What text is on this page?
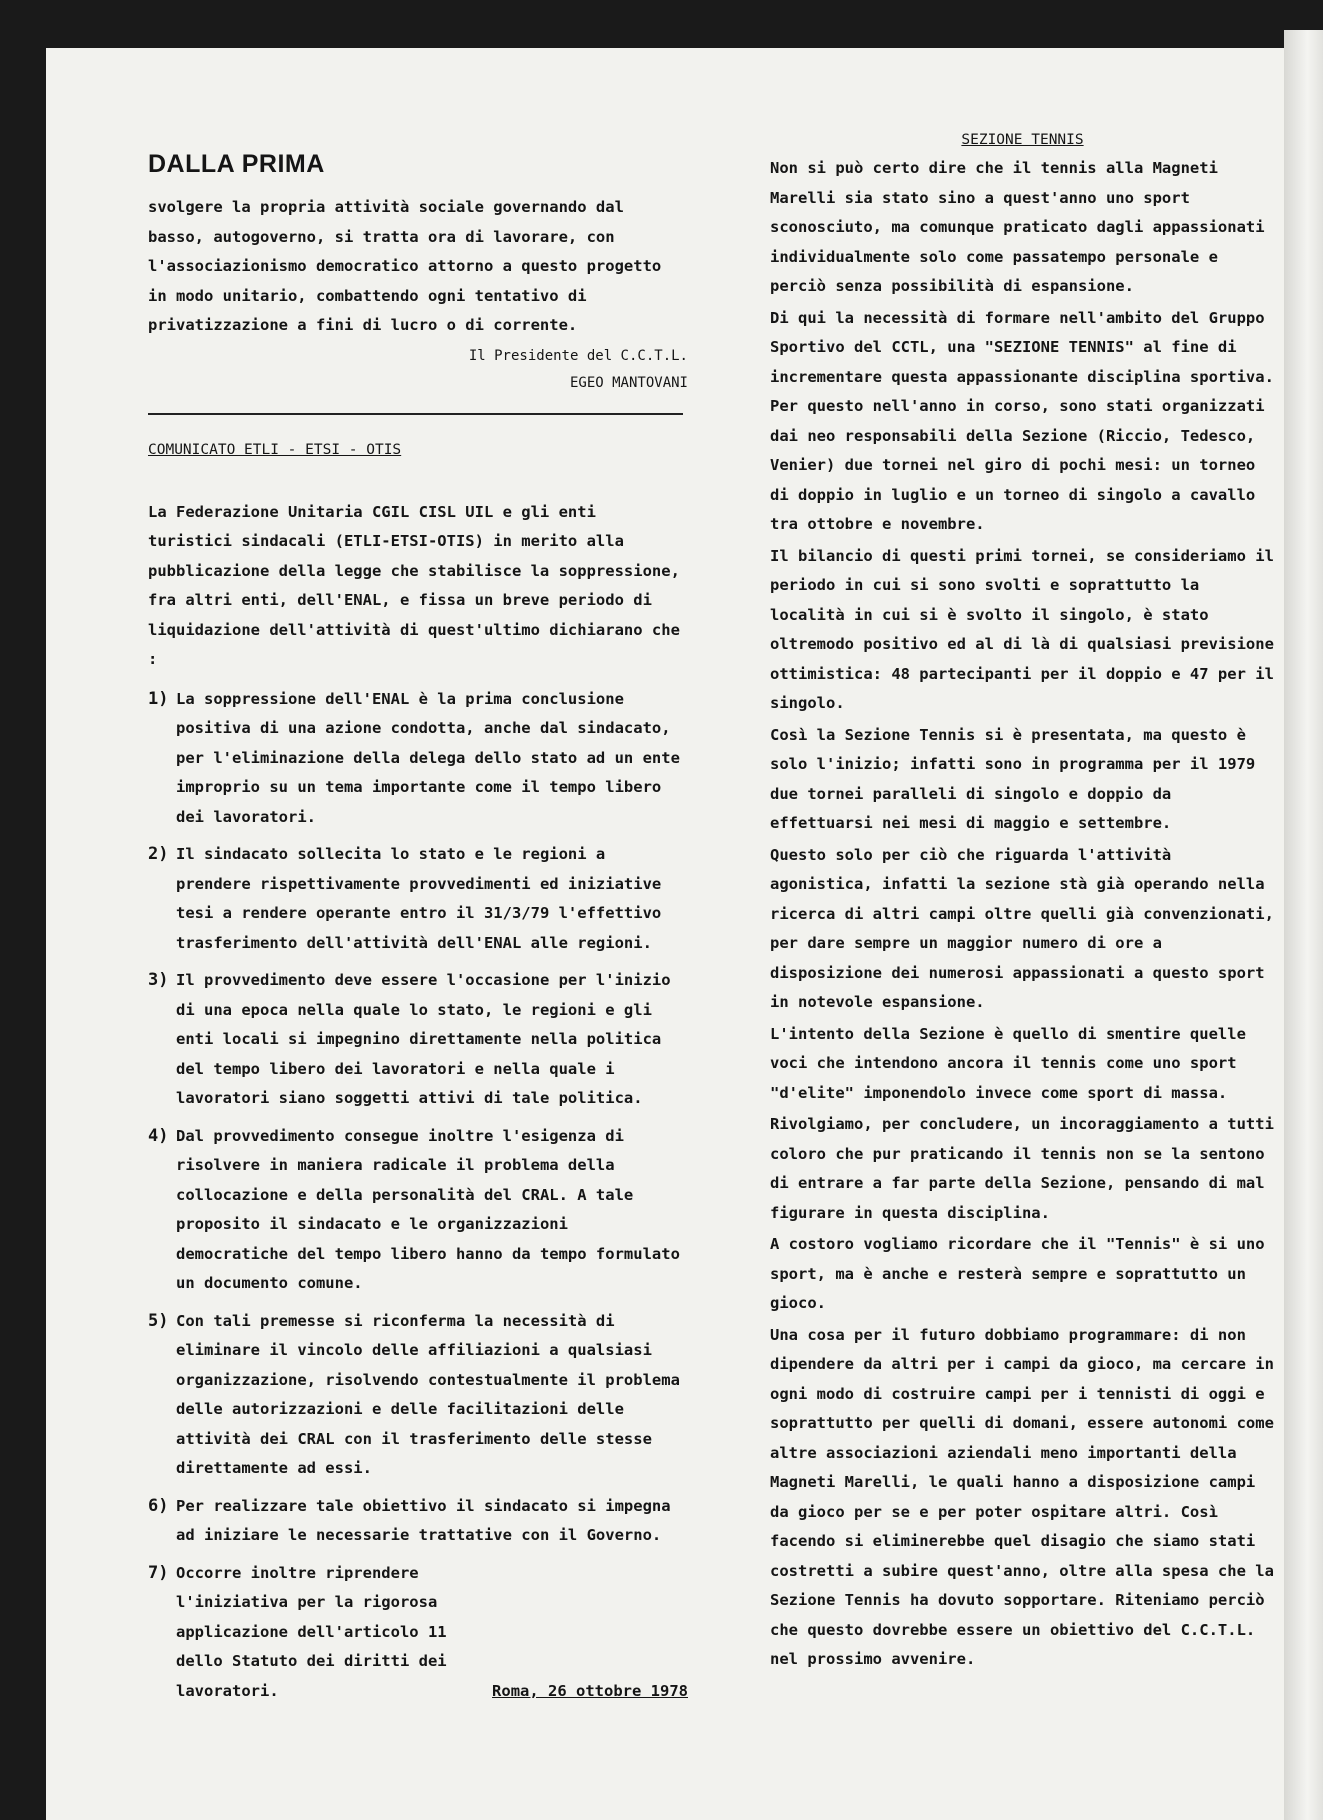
DALLA PRIMA

svolgere la propria attività sociale governando dal basso, autogoverno, si tratta ora di lavorare, con l'associazionismo democratico attorno a questo progetto in modo unitario, combattendo ogni tentativo di privatizzazione a fini di lucro o di corrente.

Il Presidente del C.C.T.L.
EGEO MANTOVANI
COMUNICATO ETLI - ETSI - OTIS

La Federazione Unitaria CGIL CISL UIL e gli enti turistici sindacali (ETLI-ETSI-OTIS) in merito alla pubblicazione della legge che stabilisce la soppressione, fra altri enti, dell'ENAL, e fissa un breve periodo di liquidazione dell'attività di quest'ultimo dichiarano che :

1) La soppressione dell'ENAL è la prima conclusione positiva di una azione condotta, anche dal sindacato, per l'eliminazione della delega dello stato ad un ente improprio su un tema importante come il tempo libero dei lavoratori.

2) Il sindacato sollecita lo stato e le regioni a prendere rispettivamente provvedimenti ed iniziative tesi a rendere operante entro il 31/3/79 l'effettivo trasferimento dell'attività dell'ENAL alle regioni.

3) Il provvedimento deve essere l'occasione per l'inizio di una epoca nella quale lo stato, le regioni e gli enti locali si impegnino direttamente nella politica del tempo libero dei lavoratori e nella quale i lavoratori siano soggetti attivi di tale politica.

4) Dal provvedimento consegue inoltre l'esigenza di risolvere in maniera radicale il problema della collocazione e della personalità del CRAL. A tale proposito il sindacato e le organizzazioni democratiche del tempo libero hanno da tempo formulato un documento comune.

5) Con tali premesse si riconferma la necessità di eliminare il vincolo delle affiliazioni a qualsiasi organizzazione, risolvendo contestualmente il problema delle autorizzazioni e delle facilitazioni delle attività dei CRAL con il trasferimento delle stesse direttamente ad essi.

6) Per realizzare tale obiettivo il sindacato si impegna ad iniziare le necessarie trattative con il Governo.

7) Occorre inoltre riprendere l'iniziativa per la rigorosa applicazione dell'articolo 11 dello Statuto dei diritti dei lavoratori.	Roma, 26 ottobre 1978
SEZIONE TENNIS

Non si può certo dire che il tennis alla Magneti Marelli sia stato sino a quest'anno uno sport sconosciuto, ma comunque praticato dagli appassionati individualmente solo come passatempo personale e perciò senza possibilità di espansione.

Di qui la necessità di formare nell'ambito del Gruppo Sportivo del CCTL, una "SEZIONE TENNIS" al fine di incrementare questa appassionante disciplina sportiva. Per questo nell'anno in corso, sono stati organizzati dai neo responsabili della Sezione (Riccio, Tedesco, Venier) due tornei nel giro di pochi mesi: un torneo di doppio in luglio e un torneo di singolo a cavallo tra ottobre e novembre.

Il bilancio di questi primi tornei, se consideriamo il periodo in cui si sono svolti e soprattutto la località in cui si è svolto il singolo, è stato oltremodo positivo ed al di là di qualsiasi previsione ottimistica: 48 partecipanti per il doppio e 47 per il singolo.

Così la Sezione Tennis si è presentata, ma questo è solo l'inizio; infatti sono in programma per il 1979 due tornei paralleli di singolo e doppio da effettuarsi nei mesi di maggio e settembre.

Questo solo per ciò che riguarda l'attività agonistica, infatti la sezione stà già operando nella ricerca di altri campi oltre quelli già convenzionati, per dare sempre un maggior numero di ore a disposizione dei numerosi appassionati a questo sport in notevole espansione.

L'intento della Sezione è quello di smentire quelle voci che intendono ancora il tennis come uno sport "d'elite" imponendolo invece come sport di massa.

Rivolgiamo, per concludere, un incoraggiamento a tutti coloro che pur praticando il tennis non se la sentono di entrare a far parte della Sezione, pensando di mal figurare in questa disciplina.

A costoro vogliamo ricordare che il "Tennis" è si uno sport, ma è anche e resterà sempre e soprattutto un gioco.

Una cosa per il futuro dobbiamo programmare: di non dipendere da altri per i campi da gioco, ma cercare in ogni modo di costruire campi per i tennisti di oggi e soprattutto per quelli di domani, essere autonomi come altre associazioni aziendali meno importanti della Magneti Marelli, le quali hanno a disposizione campi da gioco per se e per poter ospitare altri. Così facendo si eliminerebbe quel disagio che siamo stati costretti a subire quest'anno, oltre alla spesa che la Sezione Tennis ha dovuto sopportare. Riteniamo perciò che questo dovrebbe essere un obiettivo del C.C.T.L. nel prossimo avvenire.
